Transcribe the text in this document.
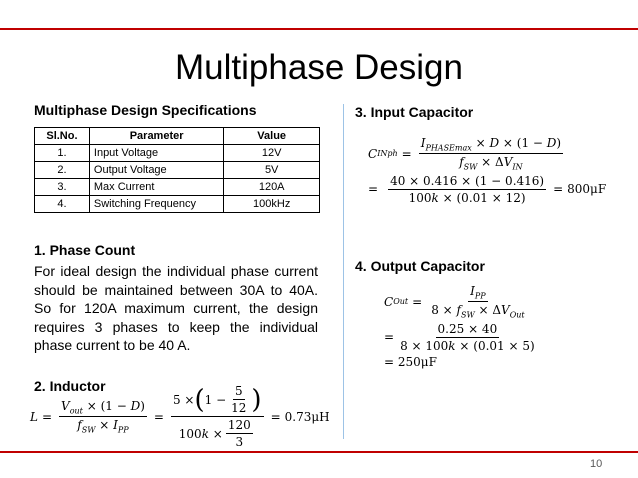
Multiphase Design
Multiphase Design Specifications
Sl.No.	Parameter	Value
1.	Input Voltage	12V
2.	Output Voltage	5V
3.	Max Current	120A
4.	Switching Frequency	100kHz
1. Phase Count
For ideal design the individual phase current should be maintained between 30A to 40A. So for 120A maximum current, the design requires 3 phases to keep the individual phase current to be 40 A.
2. Inductor
$L = \frac{V_{out} \times (1 - D)}{f_{SW} \times I_{PP}} = \frac{5 \times ( 1 - \frac{5}{12} )}{100 k \times \frac{120}{3}} = 0.73\mu H$
3. Input Capacitor
C INph = $\frac{I_{PHASEmax} \times D \times (1 - D)}{f_{SW} \times \Delta V_{IN}}$
= $\frac{40 \times 0.416 \times (1 - 0.416)}{100k \times (0.01 \times 12)} = 800\mu F$
4. Output Capacitor
C Out = $\frac{I_{PP}}{8 \times f_{SW} \times \Delta V_{Out}}$
= $\frac{0.25 \times 40}{8 \times 100k \times (0.01 \times 5)}$
= 250μF
10
